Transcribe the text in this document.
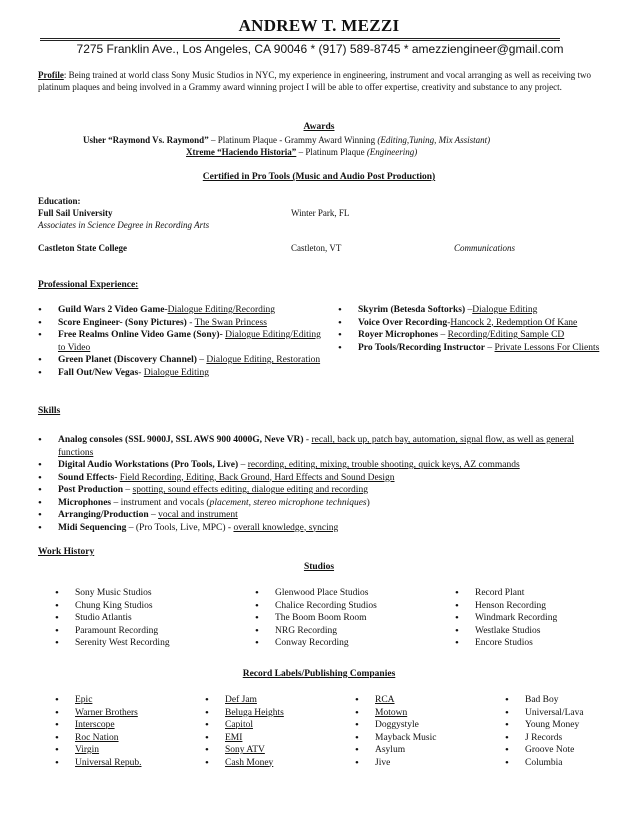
ANDREW T. MEZZI
7275 Franklin Ave., Los Angeles, CA 90046 * (917) 589-8745 * amezziengineer@gmail.com
Profile: Being trained at world class Sony Music Studios in NYC, my experience in engineering, instrument and vocal arranging as well as receiving two platinum plaques and being involved in a Grammy award winning project I will be able to offer expertise, creativity and substance to any project.
Awards
Usher “Raymond Vs. Raymond” – Platinum Plaque - Grammy Award Winning (Editing,Tuning, Mix Assistant)
Xtreme “Haciendo Historia” – Platinum Plaque (Engineering)
Certified in Pro Tools (Music and Audio Post Production)
Education:
Full Sail University	Winter Park, FL
Associates in Science Degree in Recording Arts
Castleton State College	Castleton, VT	Communications
Professional Experience:
• Guild Wars 2 Video Game-Dialogue Editing/Recording
• Score Engineer- (Sony Pictures) - The Swan Princess
• Free Realms Online Video Game (Sony)- Dialogue Editing/Editing to Video
• Green Planet (Discovery Channel) – Dialogue Editing, Restoration
• Fall Out/New Vegas- Dialogue Editing
• Skyrim (Betesda Softorks) –Dialogue Editing
• Voice Over Recording-Hancock 2, Redemption Of Kane
• Royer Microphones – Recording/Editing Sample CD
• Pro Tools/Recording Instructor – Private Lessons For Clients
Skills
• Analog consoles (SSL 9000J, SSL AWS 900 4000G, Neve VR) - recall, back up, patch bay, automation, signal flow, as well as general functions
• Digital Audio Workstations (Pro Tools, Live) – recording, editing, mixing, trouble shooting, quick keys, AZ commands
• Sound Effects- Field Recording, Editing, Back Ground, Hard Effects and Sound Design
• Post Production – spotting, sound effects editing, dialogue editing and recording
• Microphones – instrument and vocals (placement, stereo microphone techniques)
• Arranging/Production – vocal and instrument
• Midi Sequencing – (Pro Tools, Live, MPC) - overall knowledge, syncing
Work History
Studios
• Sony Music Studios
• Chung King Studios
• Studio Atlantis
• Paramount Recording
• Serenity West Recording
• Glenwood Place Studios
• Chalice Recording Studios
• The Boom Boom Room
• NRG Recording
• Conway Recording
• Record Plant
• Henson Recording
• Windmark Recording
• Westlake Studios
• Encore Studios
Record Labels/Publishing Companies
• Epic
• Warner Brothers
• Interscope
• Roc Nation
• Virgin
• Universal Repub.
• Def Jam
• Beluga Heights
• Capitol
• EMI
• Sony ATV
• Cash Money
• RCA
• Motown
• Doggystyle
• Mayback Music
• Asylum
• Jive
• Bad Boy
• Universal/Lava
• Young Money
• J Records
• Groove Note
• Columbia
